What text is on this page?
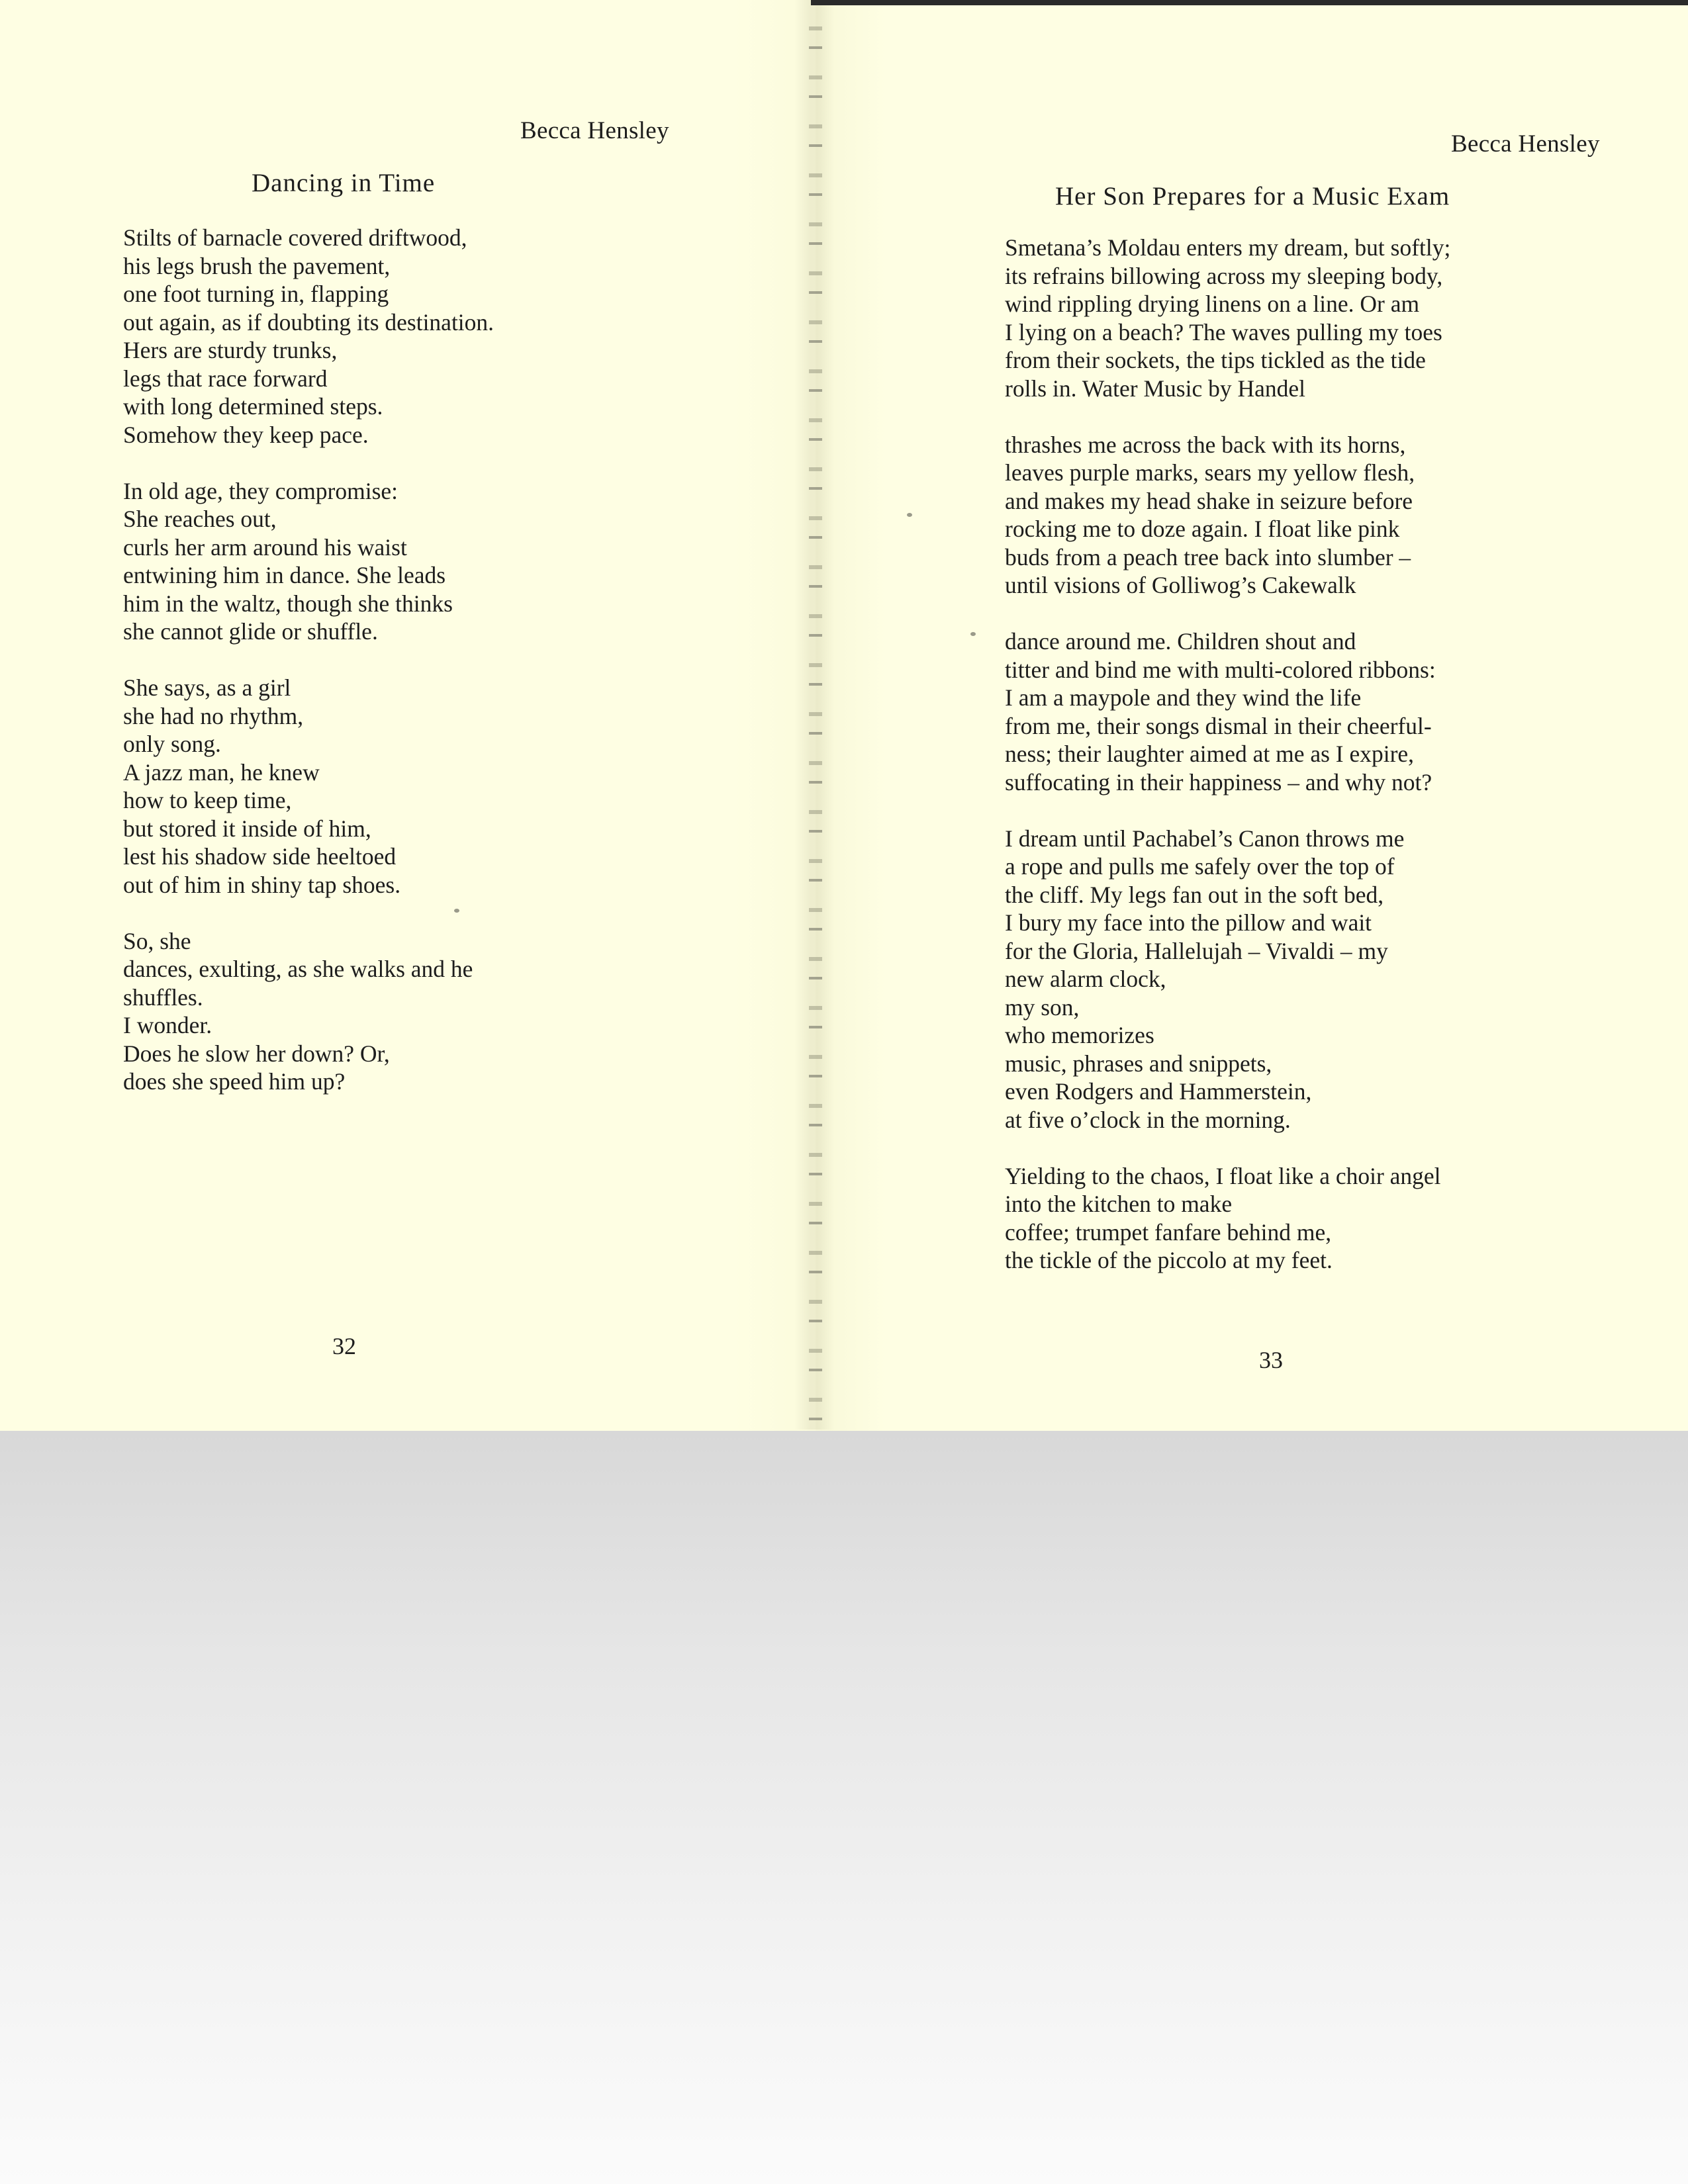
Becca Hensley
Dancing in Time
Stilts of barnacle covered driftwood,
his legs brush the pavement,
one foot turning in, flapping
out again, as if doubting its destination.
Hers are sturdy trunks,
legs that race forward
with long determined steps.
Somehow they keep pace.
In old age, they compromise:
She reaches out,
curls her arm around his waist
entwining him in dance. She leads
him in the waltz, though she thinks
she cannot glide or shuffle.
She says, as a girl
she had no rhythm,
only song.
A jazz man, he knew
how to keep time,
but stored it inside of him,
lest his shadow side heeltoed
out of him in shiny tap shoes.
So, she
dances, exulting, as she walks and he
shuffles.
I wonder.
Does he slow her down? Or,
does she speed him up?
32
Becca Hensley
Her Son Prepares for a Music Exam
Smetana’s Moldau enters my dream, but softly;
its refrains billowing across my sleeping body,
wind rippling drying linens on a line. Or am
I lying on a beach? The waves pulling my toes
from their sockets, the tips tickled as the tide
rolls in. Water Music by Handel
thrashes me across the back with its horns,
leaves purple marks, sears my yellow flesh,
and makes my head shake in seizure before
rocking me to doze again. I float like pink
buds from a peach tree back into slumber –
until visions of Golliwog’s Cakewalk
dance around me. Children shout and
titter and bind me with multi-colored ribbons:
I am a maypole and they wind the life
from me, their songs dismal in their cheerful-
ness; their laughter aimed at me as I expire,
suffocating in their happiness – and why not?
I dream until Pachabel’s Canon throws me
a rope and pulls me safely over the top of
the cliff. My legs fan out in the soft bed,
I bury my face into the pillow and wait
for the Gloria, Hallelujah – Vivaldi – my
new alarm clock,
my son,
who memorizes
music, phrases and snippets,
even Rodgers and Hammerstein,
at five o’clock in the morning.
Yielding to the chaos, I float like a choir angel
into the kitchen to make
coffee; trumpet fanfare behind me,
the tickle of the piccolo at my feet.
33
